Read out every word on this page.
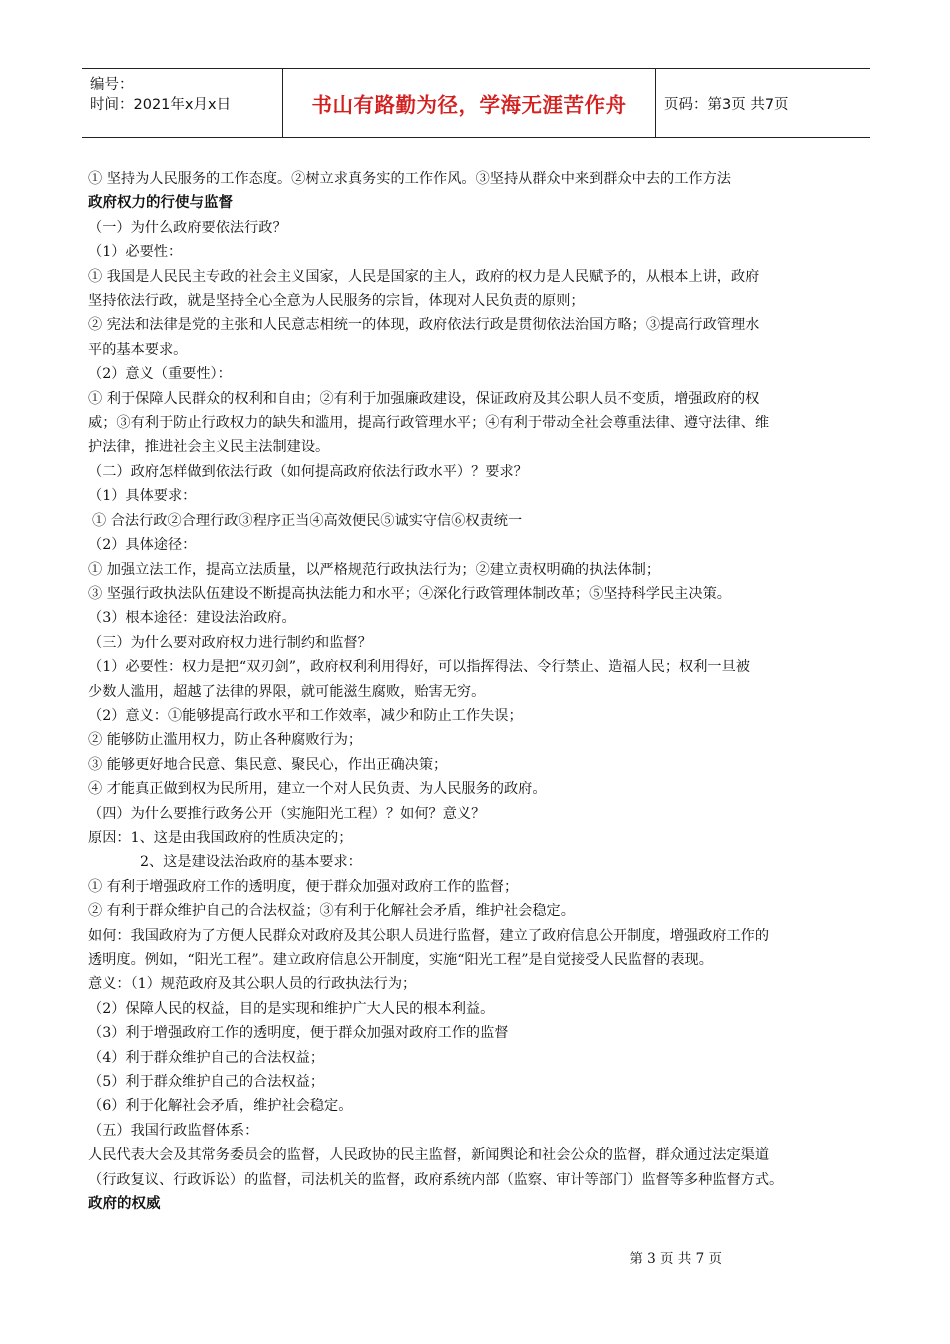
编号：
时间：2021年x月x日	书山有路勤为径，学海无涯苦作舟	页码：第3页 共7页

① 坚持为人民服务的工作态度。②树立求真务实的工作作风。③坚持从群众中来到群众中去的工作方法

政府权力的行使与监督

（一）为什么政府要依法行政？

（1）必要性：

① 我国是人民民主专政的社会主义国家，人民是国家的主人，政府的权力是人民赋予的，从根本上讲，政府

坚持依法行政，就是坚持全心全意为人民服务的宗旨，体现对人民负责的原则；

② 宪法和法律是党的主张和人民意志相统一的体现，政府依法行政是贯彻依法治国方略；③提高行政管理水

平的基本要求。

（2）意义（重要性）：

① 利于保障人民群众的权利和自由；②有利于加强廉政建设，保证政府及其公职人员不变质，增强政府的权

威；③有利于防止行政权力的缺失和滥用，提高行政管理水平；④有利于带动全社会尊重法律、遵守法律、维

护法律，推进社会主义民主法制建设。

（二）政府怎样做到依法行政（如何提高政府依法行政水平）？要求？

（1）具体要求：

① 合法行政②合理行政③程序正当④高效便民⑤诚实守信⑥权责统一

（2）具体途径：

① 加强立法工作，提高立法质量，以严格规范行政执法行为；②建立责权明确的执法体制；

③ 坚强行政执法队伍建设不断提高执法能力和水平；④深化行政管理体制改革；⑤坚持科学民主决策。

（3）根本途径：建设法治政府。

（三）为什么要对政府权力进行制约和监督？

（1）必要性：权力是把“双刃剑”，政府权利利用得好，可以指挥得法、令行禁止、造福人民；权利一旦被

少数人滥用，超越了法律的界限，就可能滋生腐败，贻害无穷。

（2）意义：①能够提高行政水平和工作效率，减少和防止工作失误；

② 能够防止滥用权力，防止各种腐败行为；

③ 能够更好地合民意、集民意、聚民心，作出正确决策；

④ 才能真正做到权为民所用，建立一个对人民负责、为人民服务的政府。

（四）为什么要推行政务公开（实施阳光工程）？如何？意义？

原因：1、这是由我国政府的性质决定的；

2、这是建设法治政府的基本要求：

① 有利于增强政府工作的透明度，便于群众加强对政府工作的监督；

② 有利于群众维护自己的合法权益；③有利于化解社会矛盾，维护社会稳定。

如何：我国政府为了方便人民群众对政府及其公职人员进行监督，建立了政府信息公开制度，增强政府工作的

透明度。例如，“阳光工程”。建立政府信息公开制度，实施“阳光工程”是自觉接受人民监督的表现。

意义：（1）规范政府及其公职人员的行政执法行为；

（2）保障人民的权益，目的是实现和维护广大人民的根本利益。

（3）利于增强政府工作的透明度，便于群众加强对政府工作的监督

（4）利于群众维护自己的合法权益；

（5）利于群众维护自己的合法权益；

（6）利于化解社会矛盾，维护社会稳定。

（五）我国行政监督体系：

人民代表大会及其常务委员会的监督，人民政协的民主监督，新闻舆论和社会公众的监督，群众通过法定渠道

（行政复议、行政诉讼）的监督，司法机关的监督，政府系统内部（监察、审计等部门）监督等多种监督方式。

政府的权威

第 3 页 共 7 页
